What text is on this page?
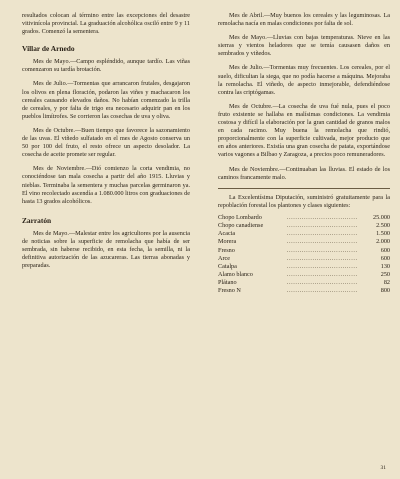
resultados colocan al término entre las excepciones del desastre vitivinícola provincial. La graduación alcohólica osciló entre 9 y 11 grados. Comenzó la sementera.

Villar de Arnedo

Mes de Mayo.—Campo espléndido, aunque tardío. Las viñas comenzaron su tardía brotación.

Mes de Julio.—Tormentas que arrancaron frutales, desgajaron los olivos en plena floración, podaron las viñes y machacaron los cereales causando elevados daños. No habían comenzado la trilla de cereales, y por falta de trigo era necesario adquirir pan en los pueblos limítrofes. Se corrieron las cosechas de uva y oliva.

Mes de Octubre.—Buen tiempo que favorece la sazonamiento de las uvas. El viñedo sulfatado en el mes de Agosto conserva un 50 por 100 del fruto, el resto ofrece un aspecto desolador. La cosecha de aceite promete ser regular.

Mes de Noviembre.—Dió comienzo la corta vendimia, no conociéndose tan mala cosecha a partir del año 1915. Lluvias y nieblas. Terminaba la sementera y muchas parcelas germinaron ya. El vino recolectado ascendía a 1.080.000 litros con graduaciones de hasta 13 grados alcohólicos.

Zarratón

Mes de Mayo.—Malestar entre los agricultores por la ausencia de noticias sobre la superficie de remolacha que había de ser sembrada, sin haberse recibido, en esta fecha, la semilla, ni la definitiva autorización de las azucareras. Las tierras abonadas y preparadas.

Mes de Abril.—Muy buenos los cereales y las leguminosas. La remolacha nacía en malas condiciones por falta de sol.

Mes de Mayo.—Lluvias con bajas temperaturas. Nieve en las sierras y vientos heladores que se temía causasen daños en sembrados y viñedos.

Mes de Julio.—Tormentas muy frecuentes. Los cereales, por el suelo, dificultan la siega, que no podía hacerse a máquina. Mejoraba la remolacha. El viñedo, de aspecto inmejorable, defendiéndose contra las criptógamas.

Mes de Octubre.—La cosecha de uva fué nula, pues el poco fruto existente se hallaba en malísimas condiciones. La vendimia costosa y difícil la elaboración por la gran cantidad de granos malos en cada racimo. Muy buena la remolacha que rindió, proporcionalmente con la superficie cultivada, mejor producto que en años anteriores. Existía una gran cosecha de patata, exportándose varios vagones a Bilbao y Zaragoza, a precios poco remuneradores.

Mes de Noviembre.—Continuaban las lluvias. El estado de los caminos francamente malo.

La Excelentísima Diputación, suministró gratuitamente para la repoblación forestal los plantones y clases siguientes:

Chopo Lombardo	.................................	25.000
Chopo canadiense	.................................	2.500
Acacia	.................................	1.500
Morera	.................................	2.000
Fresno	.................................	600
Arce	.................................	600
Catalpa	.................................	130
Alamo blanco	.................................	250
Plátano	.................................	82
Fresno N	.................................	800
31
